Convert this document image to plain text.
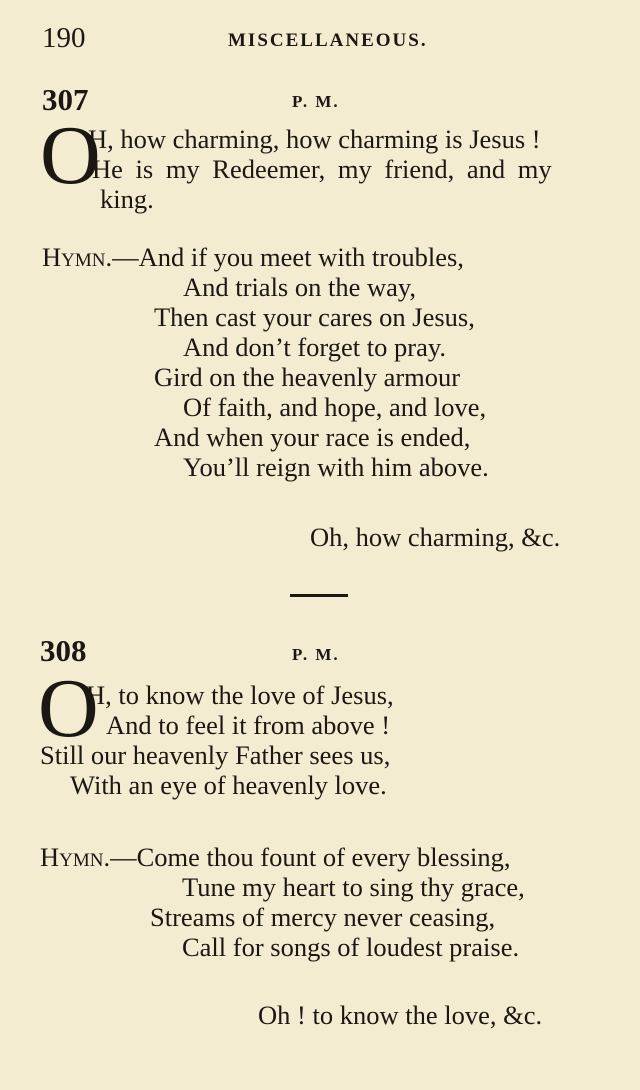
190	MISCELLANEOUS.
307	P. M.
O
H, how charming, how charming is Jesus !
He is my Redeemer, my friend, and my
king.
Hymn.—And if you meet with troubles,
And trials on the way,
Then cast your cares on Jesus,
And don’t forget to pray.
Gird on the heavenly armour
Of faith, and hope, and love,
And when your race is ended,
You’ll reign with him above.
Oh, how charming, &c.
308	P. M.
O
H, to know the love of Jesus,
And to feel it from above !
Still our heavenly Father sees us,
With an eye of heavenly love.
Hymn.—Come thou fount of every blessing,
Tune my heart to sing thy grace,
Streams of mercy never ceasing,
Call for songs of loudest praise.
Oh ! to know the love, &c.
